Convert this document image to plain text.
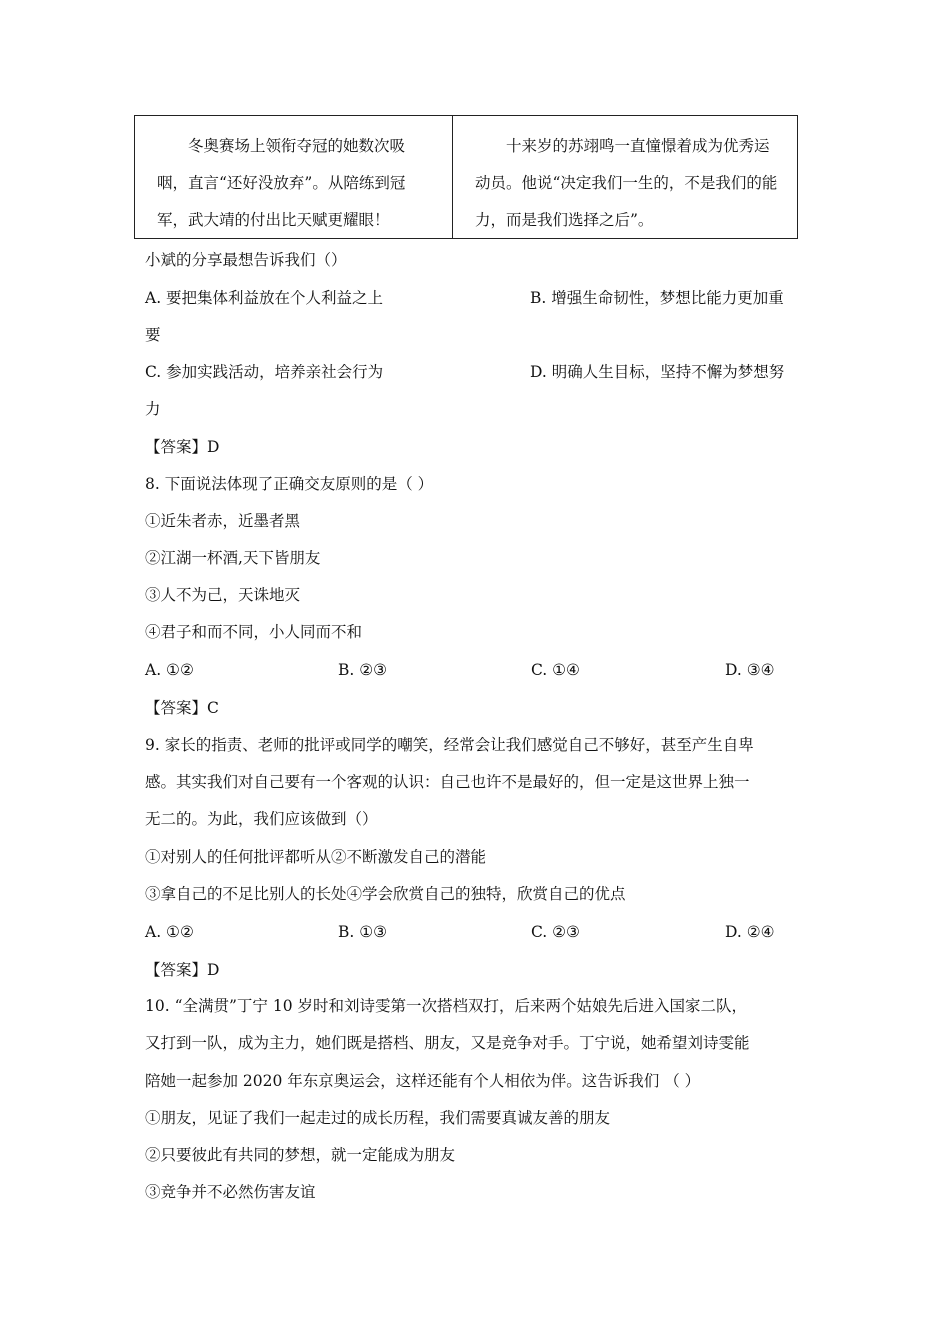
冬奥赛场上领衔夺冠的她数次吸咽，直言“还好没放弃”。从陪练到冠军，武大靖的付出比天赋更耀眼！

十来岁的苏翊鸣一直憧憬着成为优秀运动员。他说“决定我们一生的，不是我们的能力，而是我们选择之后”。

小斌的分享最想告诉我们（）
A. 要把集体利益放在个人利益之上	B. 增强生命韧性，梦想比能力更加重
要
C. 参加实践活动，培养亲社会行为	D. 明确人生目标，坚持不懈为梦想努
力
【答案】D
8. 下面说法体现了正确交友原则的是（ ）
①近朱者赤，近墨者黑
②江湖一杯酒,天下皆朋友
③人不为己，天诛地灭
④君子和而不同，小人同而不和
A. ①②	B. ②③	C. ①④	D. ③④
【答案】C
9. 家长的指责、老师的批评或同学的嘲笑，经常会让我们感觉自己不够好，甚至产生自卑
感。其实我们对自己要有一个客观的认识：自己也许不是最好的，但一定是这世界上独一
无二的。为此，我们应该做到（）
①对别人的任何批评都听从②不断激发自己的潜能
③拿自己的不足比别人的长处④学会欣赏自己的独特，欣赏自己的优点
A. ①②	B. ①③	C. ②③	D. ②④
【答案】D
10. “全满贯”丁宁 10 岁时和刘诗雯第一次搭档双打，后来两个姑娘先后进入国家二队，
又打到一队，成为主力，她们既是搭档、朋友，又是竞争对手。丁宁说，她希望刘诗雯能
陪她一起参加 2020 年东京奥运会，这样还能有个人相依为伴。这告诉我们 （ ）
①朋友，见证了我们一起走过的成长历程，我们需要真诚友善的朋友
②只要彼此有共同的梦想，就一定能成为朋友
③竞争并不必然伤害友谊
